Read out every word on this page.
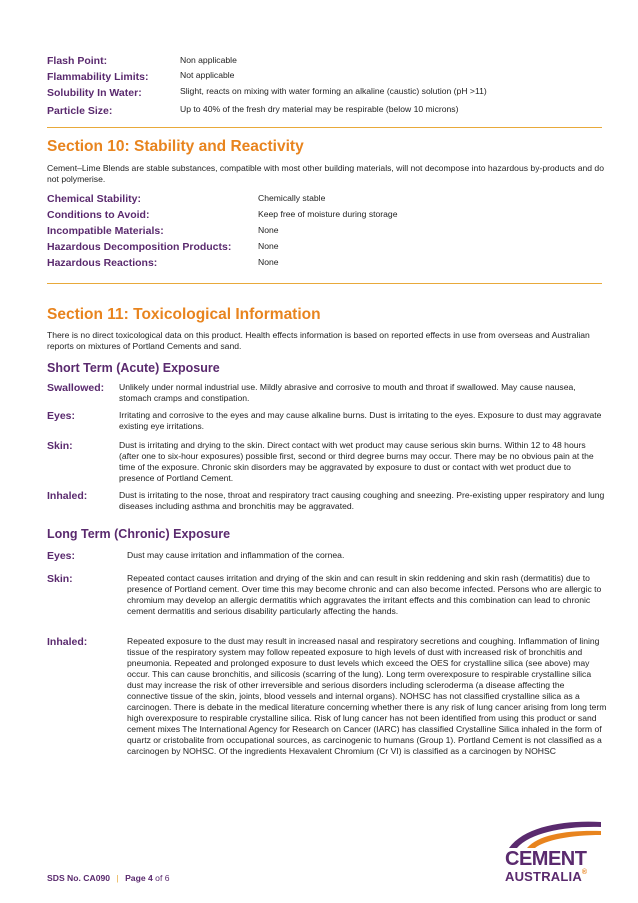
Flash Point:	Non applicable
Flammability Limits:	Not applicable
Solubility In Water:	Slight, reacts on mixing with water forming an alkaline (caustic) solution (pH >11)
Particle Size:	Up to 40% of the fresh dry material may be respirable (below 10 microns)
Section 10: Stability and Reactivity
Cement–Lime Blends are stable substances, compatible with most other building materials, will not decompose into hazardous by-products and do not polymerise.
Chemical Stability:	Chemically stable
Conditions to Avoid:	Keep free of moisture during storage
Incompatible Materials:	None
Hazardous Decomposition Products:	None
Hazardous Reactions:	None
Section 11: Toxicological Information
There is no direct toxicological data on this product. Health effects information is based on reported effects in use from overseas and Australian reports on mixtures of Portland Cements and sand.
Short Term (Acute) Exposure
Swallowed: Unlikely under normal industrial use. Mildly abrasive and corrosive to mouth and throat if swallowed. May cause nausea, stomach cramps and constipation.
Eyes:	Irritating and corrosive to the eyes and may cause alkaline burns. Dust is irritating to the eyes. Exposure to dust may aggravate existing eye irritations.
Skin:	Dust is irritating and drying to the skin. Direct contact with wet product may cause serious skin burns. Within 12 to 48 hours (after one to six-hour exposures) possible first, second or third degree burns may occur. There may be no obvious pain at the time of the exposure. Chronic skin disorders may be aggravated by exposure to dust or contact with wet product due to presence of Portland Cement.
Inhaled:	Dust is irritating to the nose, throat and respiratory tract causing coughing and sneezing. Pre-existing upper respiratory and lung diseases including asthma and bronchitis may be aggravated.
Long Term (Chronic) Exposure
Eyes:	Dust may cause irritation and inflammation of the cornea.
Skin:	Repeated contact causes irritation and drying of the skin and can result in skin reddening and skin rash (dermatitis) due to presence of Portland cement. Over time this may become chronic and can also become infected. Persons who are allergic to chromium may develop an allergic dermatitis which aggravates the irritant effects and this combination can lead to chronic cement dermatitis and serious disability particularly affecting the hands.
Inhaled:	Repeated exposure to the dust may result in increased nasal and respiratory secretions and coughing. Inflammation of lining tissue of the respiratory system may follow repeated exposure to high levels of dust with increased risk of bronchitis and pneumonia. Repeated and prolonged exposure to dust levels which exceed the OES for crystalline silica (see above) may occur. This can cause bronchitis, and silicosis (scarring of the lung). Long term overexposure to respirable crystalline silica dust may increase the risk of other irreversible and serious disorders including scleroderma (a disease affecting the connective tissue of the skin, joints, blood vessels and internal organs). NOHSC has not classified crystalline silica as a carcinogen. There is debate in the medical literature concerning whether there is any risk of lung cancer arising from long term high overexposure to respirable crystalline silica. Risk of lung cancer has not been identified from using this product or sand cement mixes The International Agency for Research on Cancer (IARC) has classified Crystalline Silica inhaled in the form of quartz or cristobalite from occupational sources, as carcinogenic to humans (Group 1). Portland Cement is not classified as a carcinogen by NOHSC. Of the ingredients Hexavalent Chromium (Cr VI) is classified as a carcinogen by NOHSC
SDS No. CA090 | Page 4 of 6
CEMENT
AUSTRALIA®
